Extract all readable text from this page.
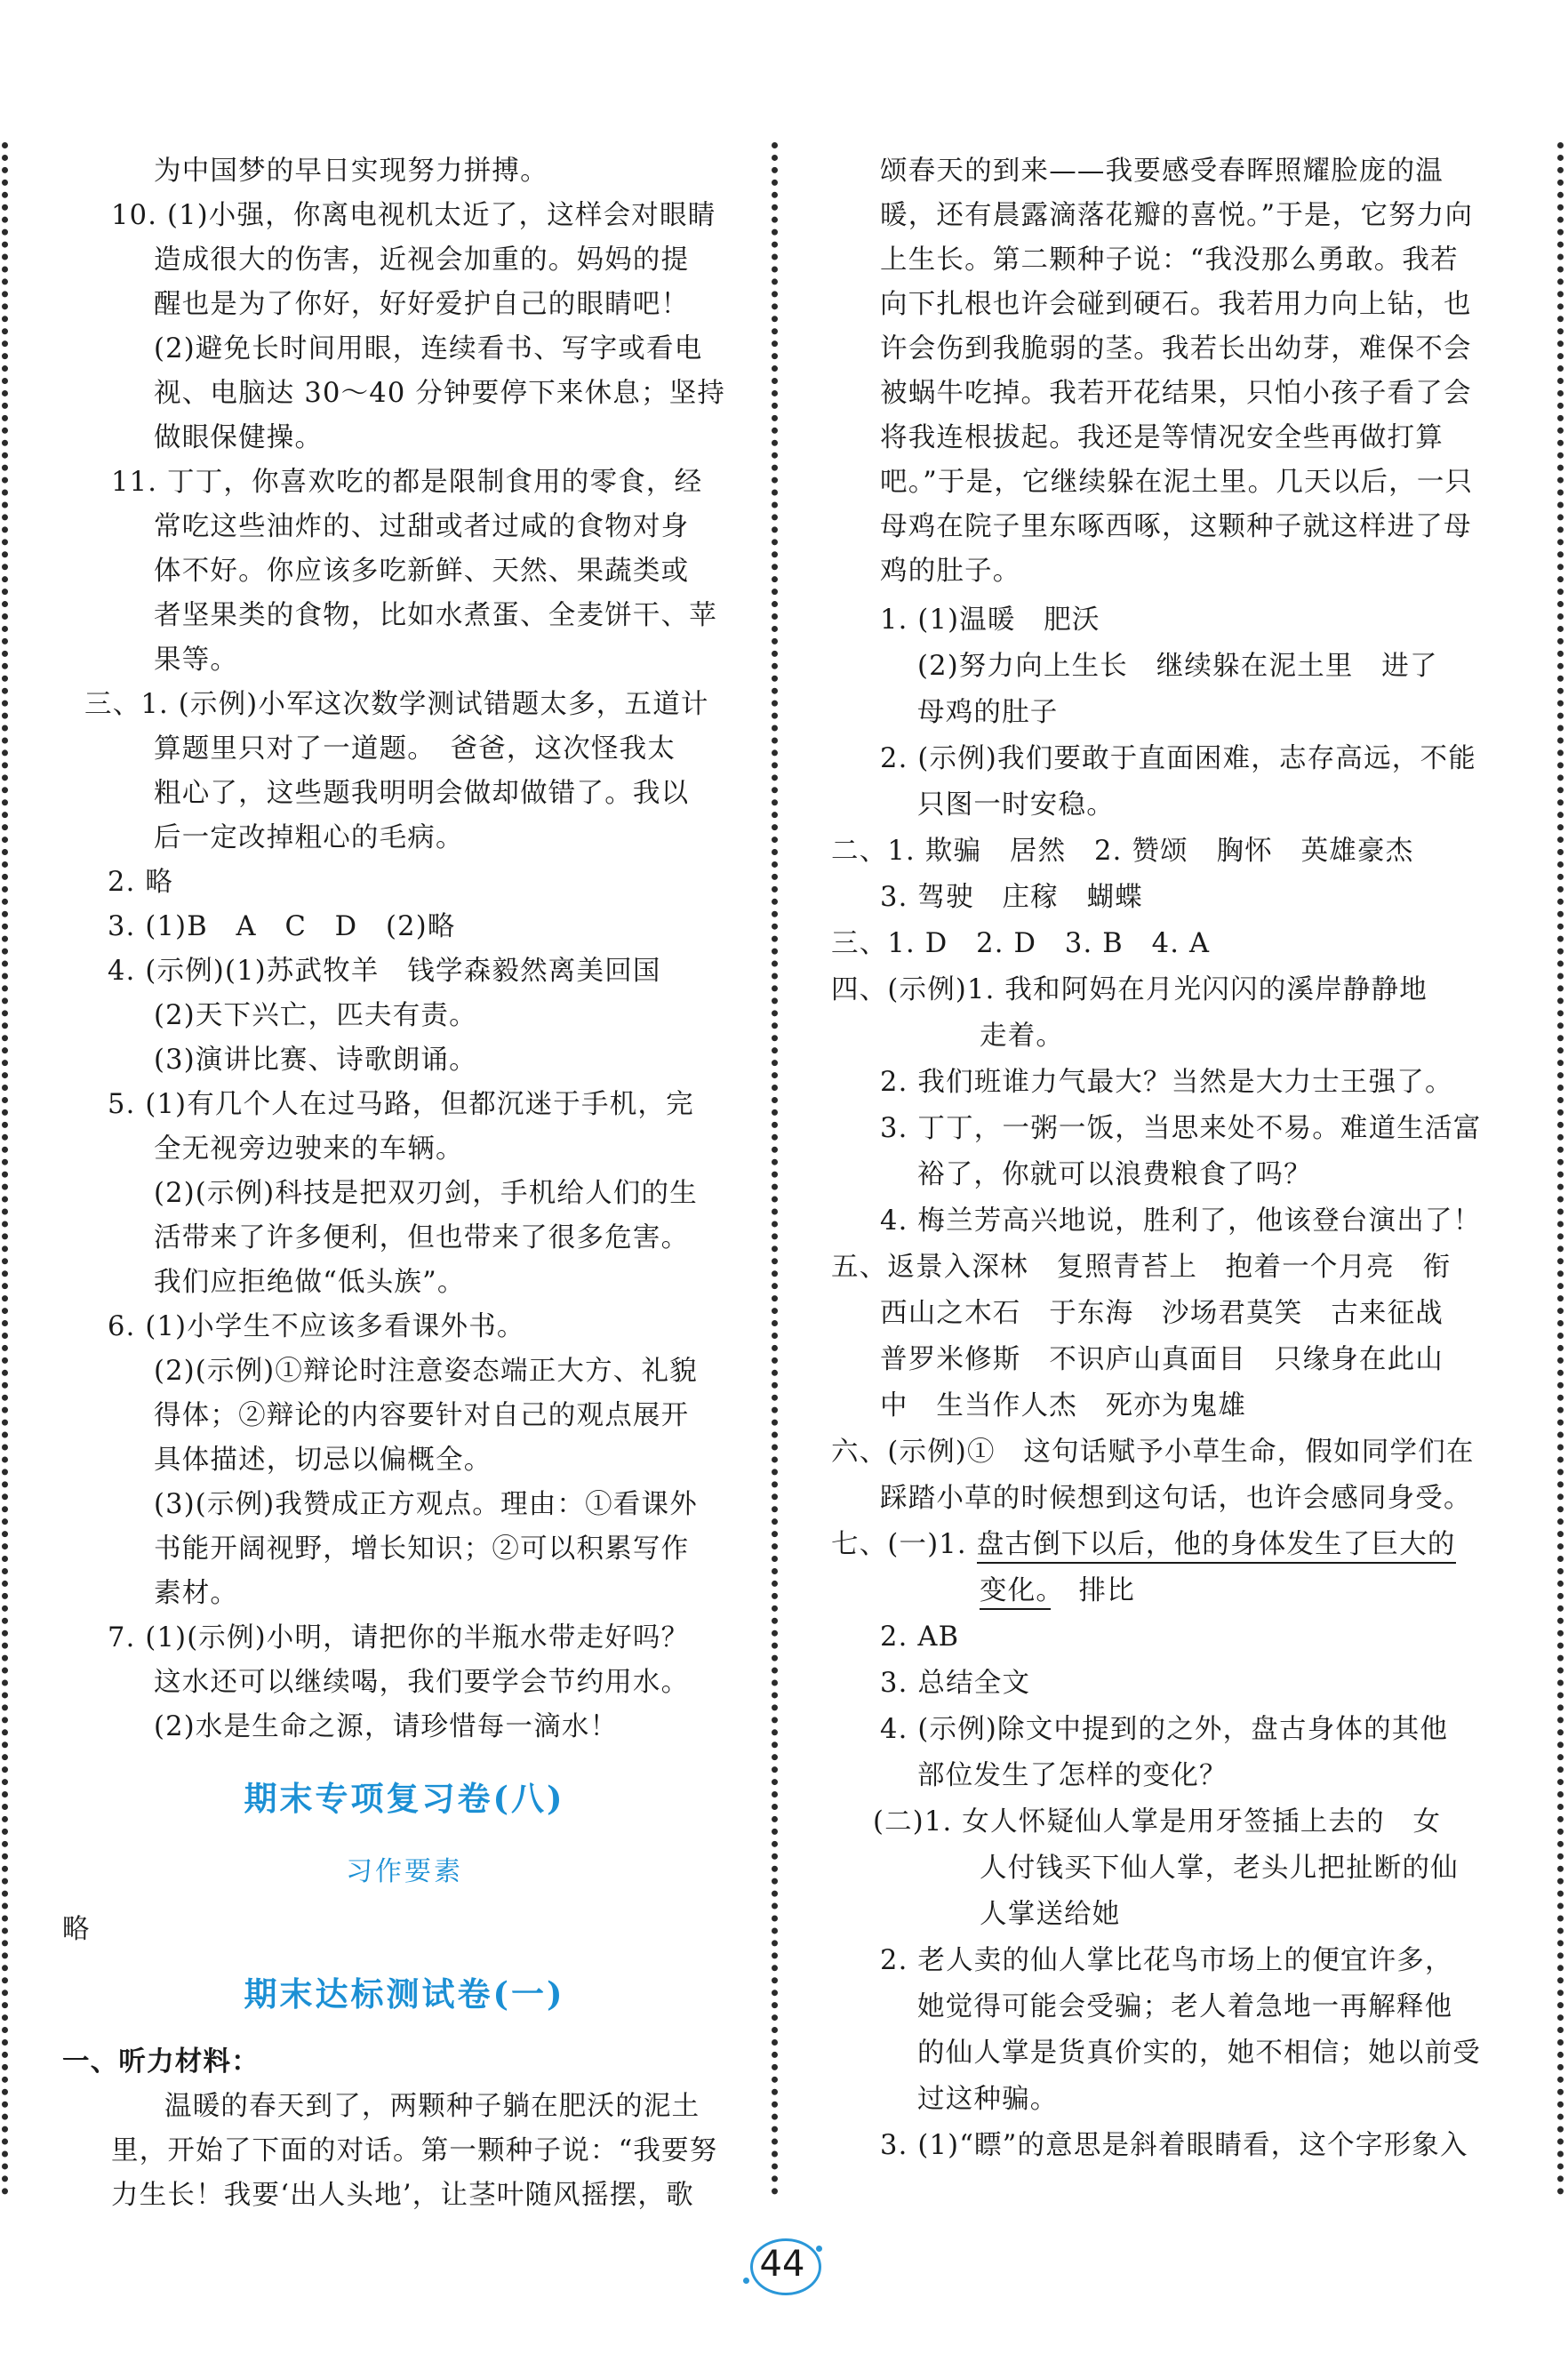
为中国梦的早日实现努力拼搏。
10. (1)小强，你离电视机太近了，这样会对眼睛
造成很大的伤害，近视会加重的。妈妈的提
醒也是为了你好，好好爱护自己的眼睛吧！
(2)避免长时间用眼，连续看书、写字或看电
视、电脑达 30～40 分钟要停下来休息；坚持
做眼保健操。
11. 丁丁，你喜欢吃的都是限制食用的零食，经
常吃这些油炸的、过甜或者过咸的食物对身
体不好。你应该多吃新鲜、天然、果蔬类或
者坚果类的食物，比如水煮蛋、全麦饼干、苹
果等。
三、1. (示例)小军这次数学测试错题太多，五道计
算题里只对了一道题。　爸爸，这次怪我太
粗心了，这些题我明明会做却做错了。我以
后一定改掉粗心的毛病。
2. 略
3. (1)B　A　C　D　(2)略
4. (示例)(1)苏武牧羊　钱学森毅然离美回国
(2)天下兴亡，匹夫有责。
(3)演讲比赛、诗歌朗诵。
5. (1)有几个人在过马路，但都沉迷于手机，完
全无视旁边驶来的车辆。
(2)(示例)科技是把双刃剑，手机给人们的生
活带来了许多便利，但也带来了很多危害。
我们应拒绝做“低头族”。
6. (1)小学生不应该多看课外书。
(2)(示例)①辩论时注意姿态端正大方、礼貌
得体；②辩论的内容要针对自己的观点展开
具体描述，切忌以偏概全。
(3)(示例)我赞成正方观点。理由：①看课外
书能开阔视野，增长知识；②可以积累写作
素材。
7. (1)(示例)小明，请把你的半瓶水带走好吗？
这水还可以继续喝，我们要学会节约用水。
(2)水是生命之源，请珍惜每一滴水！
期末专项复习卷(八)
习作要素
略
期末达标测试卷(一)
一、听力材料：
温暖的春天到了，两颗种子躺在肥沃的泥土
里，开始了下面的对话。第一颗种子说：“我要努
力生长！我要‘出人头地’，让茎叶随风摇摆，歌
颂春天的到来——我要感受春晖照耀脸庞的温
暖，还有晨露滴落花瓣的喜悦。”于是，它努力向
上生长。第二颗种子说：“我没那么勇敢。我若
向下扎根也许会碰到硬石。我若用力向上钻，也
许会伤到我脆弱的茎。我若长出幼芽，难保不会
被蜗牛吃掉。我若开花结果，只怕小孩子看了会
将我连根拔起。我还是等情况安全些再做打算
吧。”于是，它继续躲在泥土里。几天以后，一只
母鸡在院子里东啄西啄，这颗种子就这样进了母
鸡的肚子。
1. (1)温暖　肥沃
(2)努力向上生长　继续躲在泥土里　进了
母鸡的肚子
2. (示例)我们要敢于直面困难，志存高远，不能
只图一时安稳。
二、1. 欺骗　居然　2. 赞颂　胸怀　英雄豪杰
3. 驾驶　庄稼　蝴蝶
三、1. D　2. D　3. B　4. A
四、(示例)1. 我和阿妈在月光闪闪的溪岸静静地
走着。
2. 我们班谁力气最大？当然是大力士王强了。
3. 丁丁，一粥一饭，当思来处不易。难道生活富
裕了，你就可以浪费粮食了吗？
4. 梅兰芳高兴地说，胜利了，他该登台演出了！
五、返景入深林　复照青苔上　抱着一个月亮　衔
西山之木石　于东海　沙场君莫笑　古来征战
普罗米修斯　不识庐山真面目　只缘身在此山
中　生当作人杰　死亦为鬼雄
六、(示例)①　这句话赋予小草生命，假如同学们在
踩踏小草的时候想到这句话，也许会感同身受。
七、(一)1. 盘古倒下以后，他的身体发生了巨大的
变化。　排比
2. AB
3. 总结全文
4. (示例)除文中提到的之外，盘古身体的其他
部位发生了怎样的变化？
(二)1. 女人怀疑仙人掌是用牙签插上去的　女
人付钱买下仙人掌，老头儿把扯断的仙
人掌送给她
2. 老人卖的仙人掌比花鸟市场上的便宜许多，
她觉得可能会受骗；老人着急地一再解释他
的仙人掌是货真价实的，她不相信；她以前受
过这种骗。
3. (1)“瞟”的意思是斜着眼睛看，这个字形象入
44
